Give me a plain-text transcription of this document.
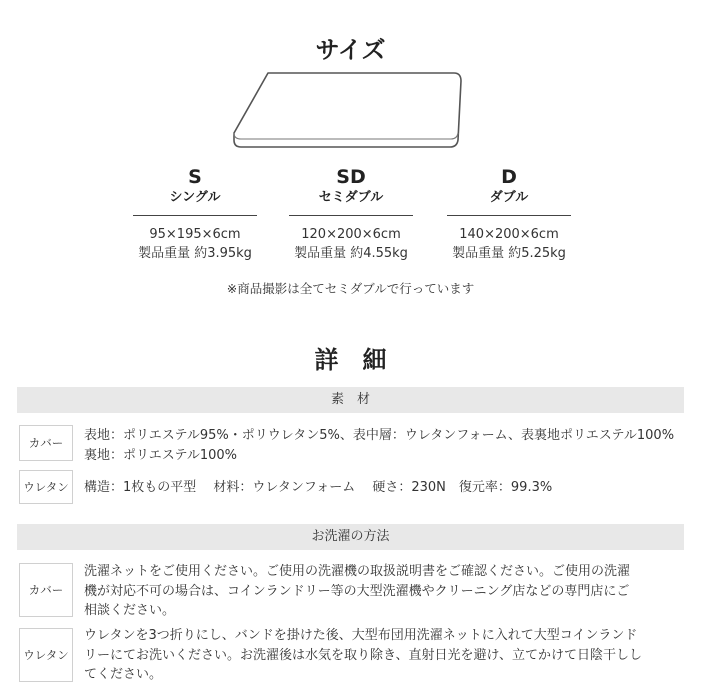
サイズ
S
シングル
95×195×6cm
製品重量 約3.95kg
SD
セミダブル
120×200×6cm
製品重量 約4.55kg
D
ダブル
140×200×6cm
製品重量 約5.25kg
※商品撮影は全てセミダブルで行っています
詳　細
素　材
カバー	表地：ポリエステル95%・ポリウレタン5%、表中層：ウレタンフォーム、表裏地ポリエステル100%
裏地：ポリエステル100%
ウレタン	構造：1枚もの平型　 材料：ウレタンフォーム　 硬さ：230N　復元率：99.3%
お洗濯の方法
カバー
洗濯ネットをご使用ください。ご使用の洗濯機の取扱説明書をご確認ください。ご使用の洗濯
機が対応不可の場合は、コインランドリー等の大型洗濯機やクリーニング店などの専門店にご
相談ください。
ウレタン
ウレタンを3つ折りにし、バンドを掛けた後、大型布団用洗濯ネットに入れて大型コインランド
リーにてお洗いください。お洗濯後は水気を取り除き、直射日光を避け、立てかけて日陰干しし
てください。
